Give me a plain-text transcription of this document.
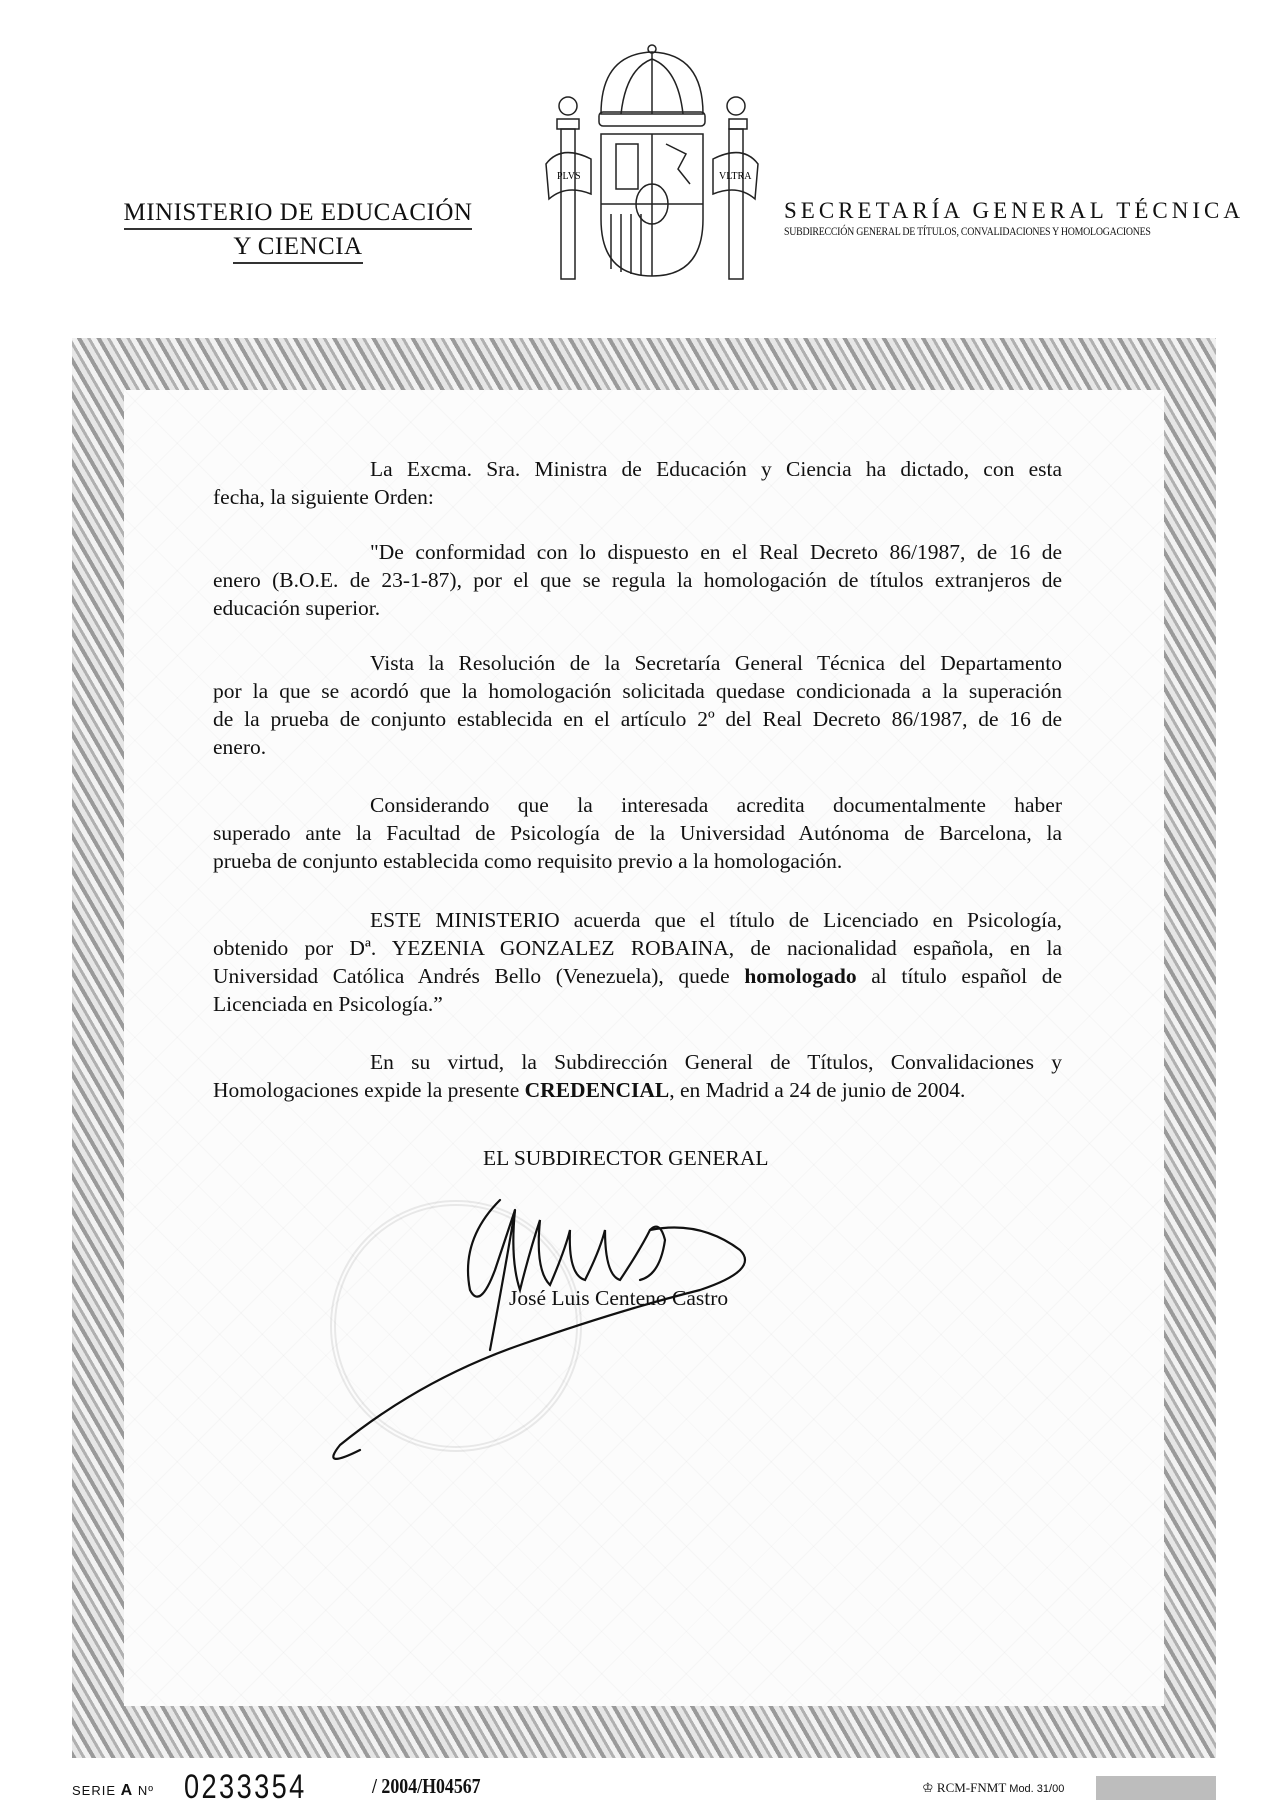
MINISTERIO DE EDUCACIÓN
Y CIENCIA
PLVS	VLTRA
SECRETARÍA GENERAL TÉCNICA
SUBDIRECCIÓN GENERAL DE TÍTULOS, CONVALIDACIONES Y HOMOLOGACIONES
La Excma. Sra. Ministra de Educación y Ciencia ha dictado, con esta
fecha, la siguiente Orden:
"De conformidad con lo dispuesto en el Real Decreto 86/1987, de 16 de
enero (B.O.E. de 23-1-87), por el que se regula la homologación de títulos extranjeros de
educación superior.
Vista la Resolución de la Secretaría General Técnica del Departamento
por la que se acordó que la homologación solicitada quedase condicionada a la superación
de la prueba de conjunto establecida en el artículo 2º del Real Decreto 86/1987, de 16 de
enero.
Considerando que la interesada acredita documentalmente haber
superado ante la Facultad de Psicología de la Universidad Autónoma de Barcelona, la
prueba de conjunto establecida como requisito previo a la homologación.
ESTE MINISTERIO acuerda que el título de Licenciado en Psicología,
obtenido por Dª. YEZENIA GONZALEZ ROBAINA, de nacionalidad española, en la
Universidad Católica Andrés Bello (Venezuela), quede homologado al título español de
Licenciada en Psicología.”
En su virtud, la Subdirección General de Títulos, Convalidaciones y
Homologaciones expide la presente CREDENCIAL, en Madrid a 24 de junio de 2004.
EL SUBDIRECTOR GENERAL
José Luis Centeno Castro
SERIE A Nº 0233354	/ 2004/H04567	♔ RCM-FNMT Mod. 31/00
